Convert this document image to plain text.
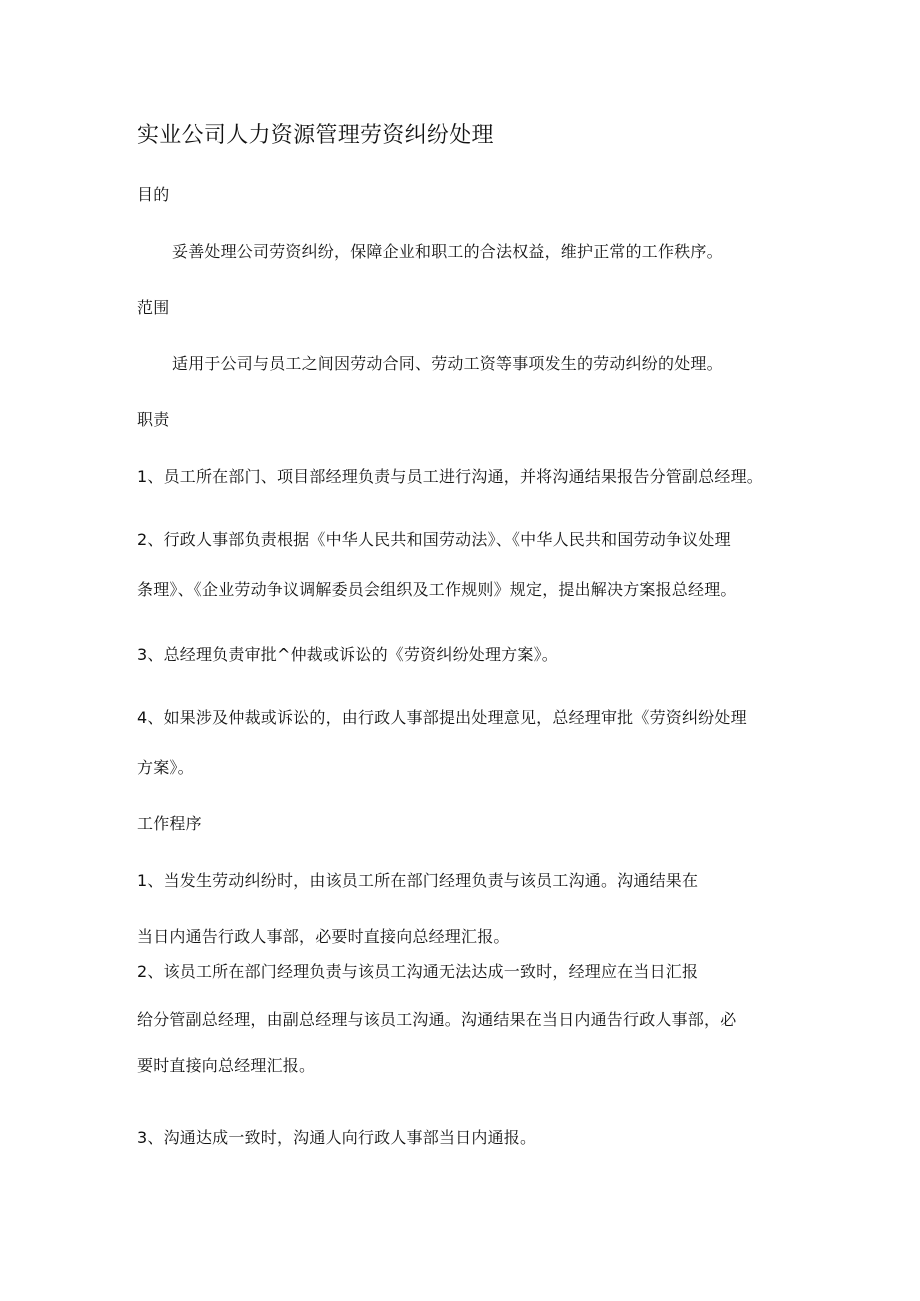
实业公司人力资源管理劳资纠纷处理
目的
妥善处理公司劳资纠纷，保障企业和职工的合法权益，维护正常的工作秩序。
范围
适用于公司与员工之间因劳动合同、劳动工资等事项发生的劳动纠纷的处理。
职责
1、员工所在部门、项目部经理负责与员工进行沟通，并将沟通结果报告分管副总经理。
2、行政人事部负责根据《中华人民共和国劳动法》、《中华人民共和国劳动争议处理
条理》、《企业劳动争议调解委员会组织及工作规则》规定，提出解决方案报总经理。
3、总经理负责审批^仲裁或诉讼的《劳资纠纷处理方案》。
4、如果涉及仲裁或诉讼的，由行政人事部提出处理意见，总经理审批《劳资纠纷处理
方案》。
工作程序
1、当发生劳动纠纷时，由该员工所在部门经理负责与该员工沟通。沟通结果在
当日内通告行政人事部，必要时直接向总经理汇报。
2、该员工所在部门经理负责与该员工沟通无法达成一致时，经理应在当日汇报
给分管副总经理，由副总经理与该员工沟通。沟通结果在当日内通告行政人事部，必
要时直接向总经理汇报。
3、沟通达成一致时，沟通人向行政人事部当日内通报。
